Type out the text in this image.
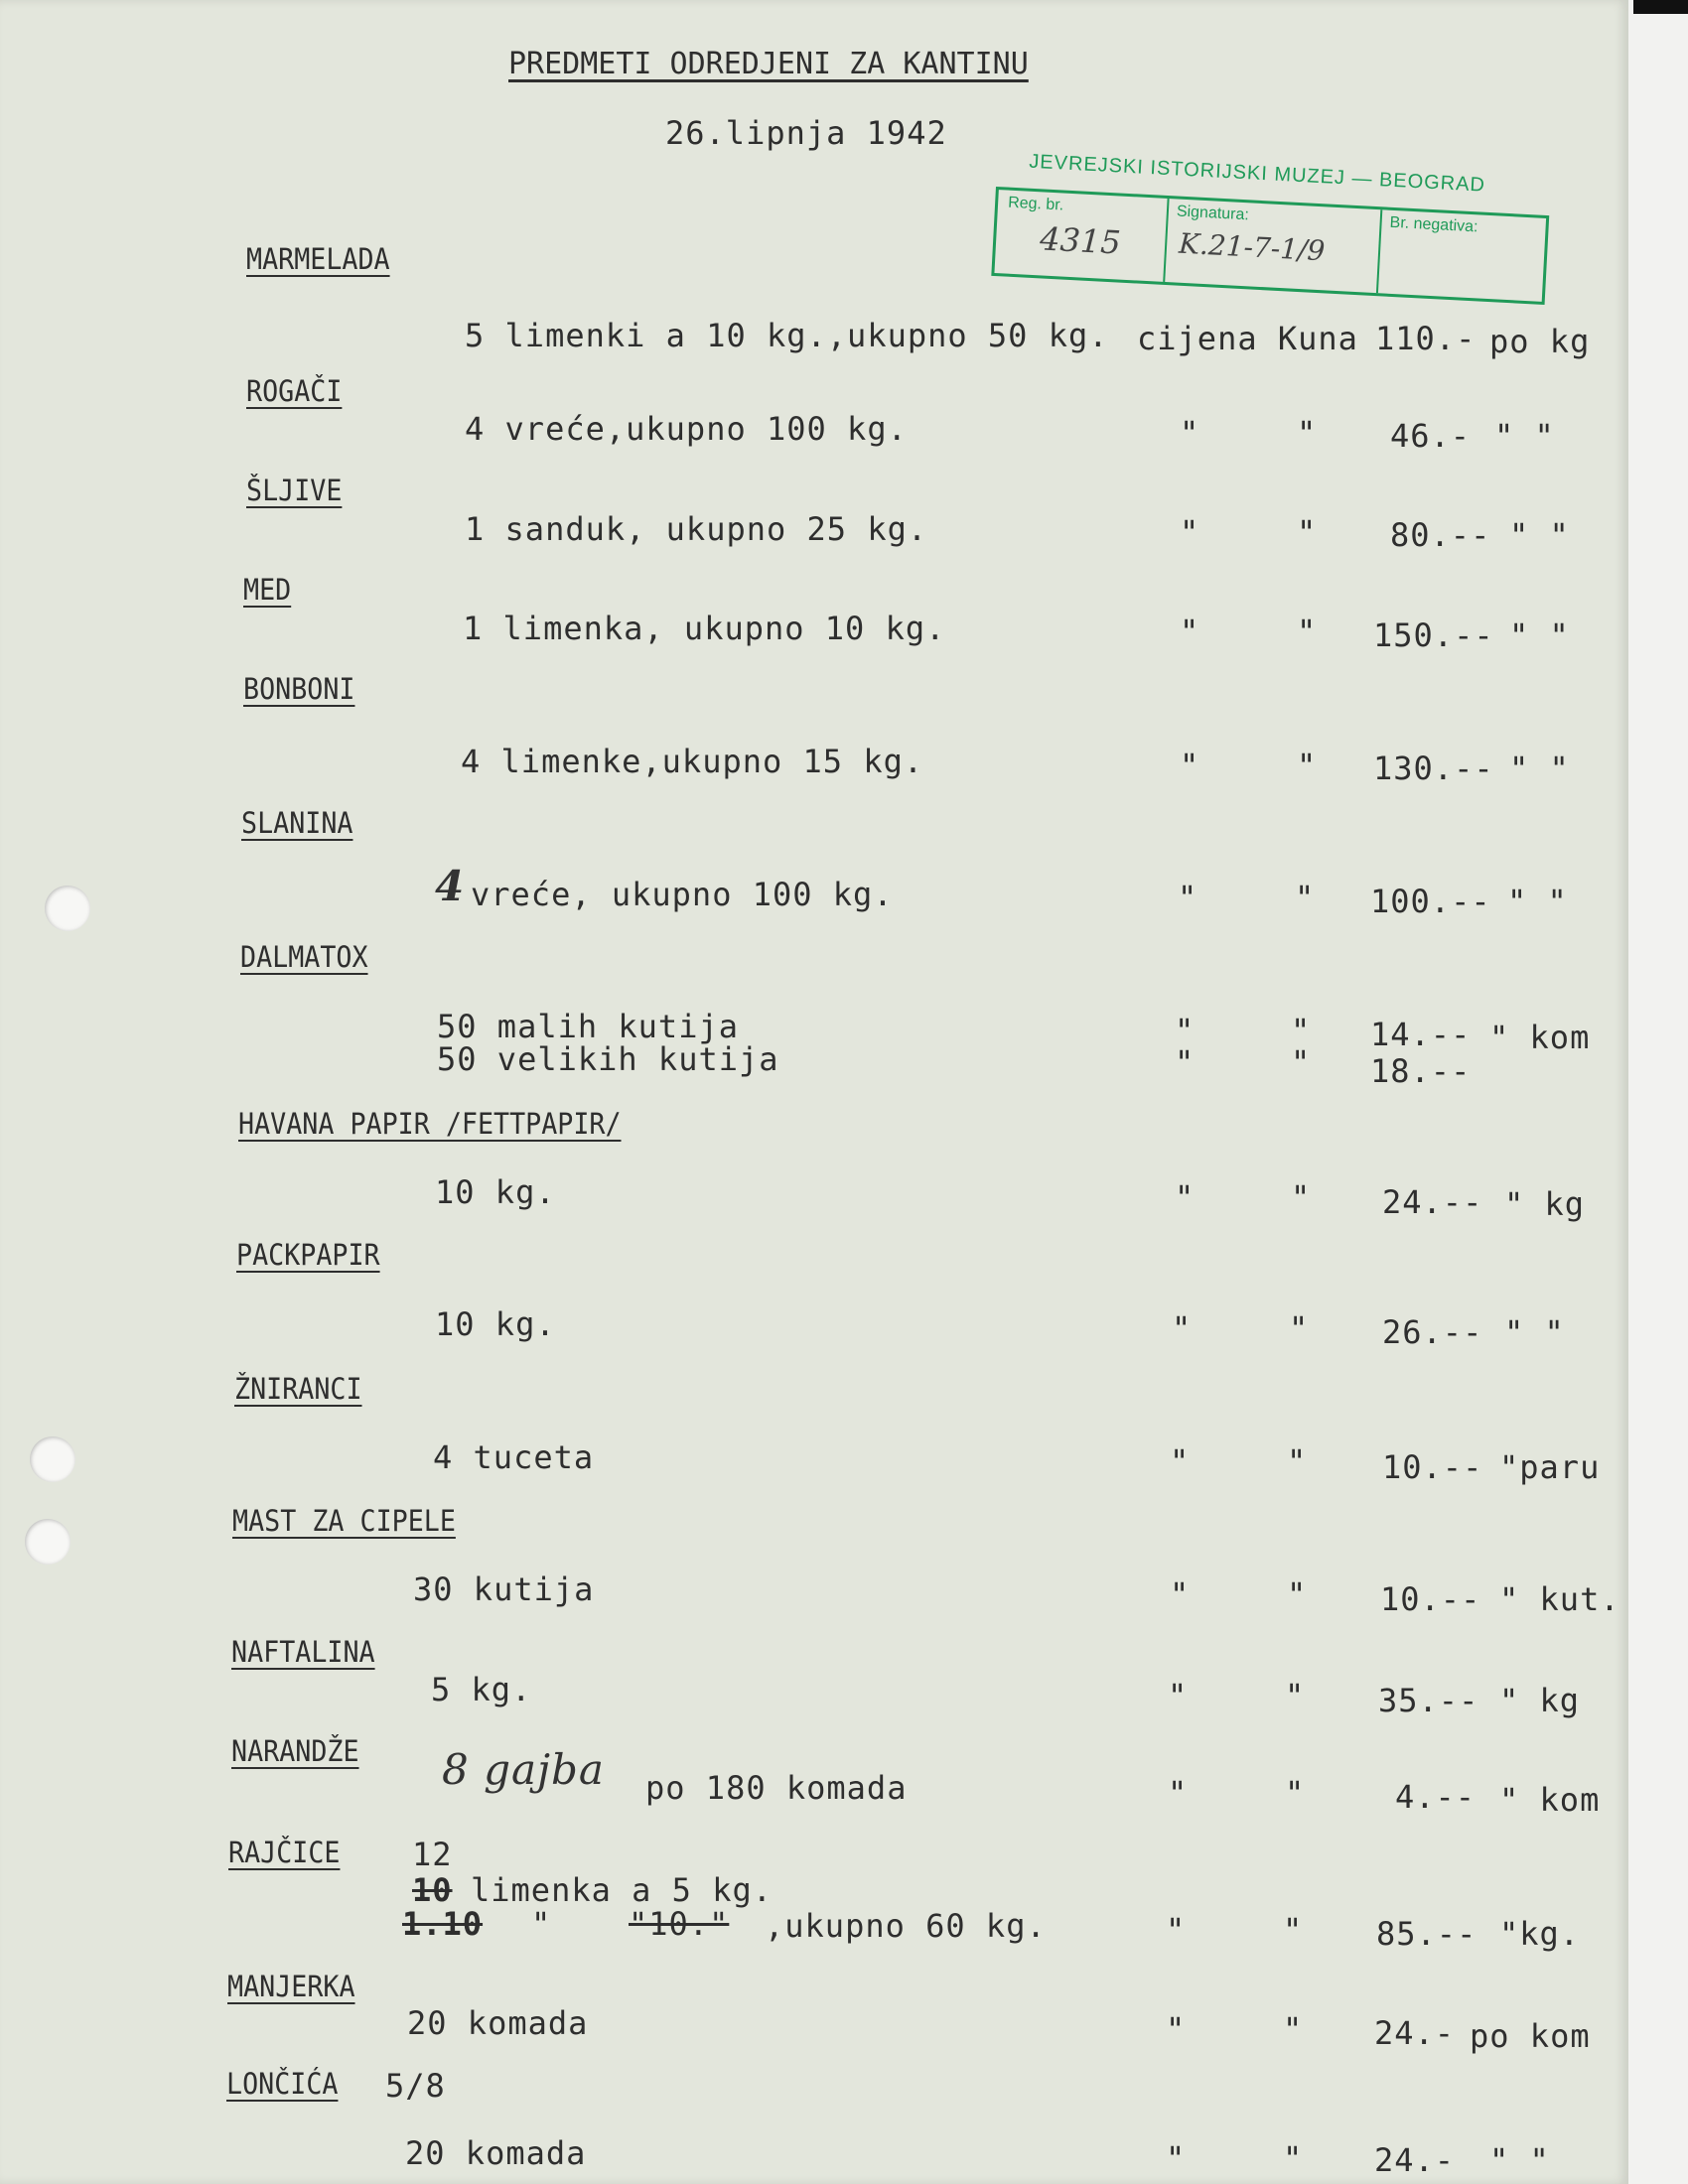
PREDMETI ODREDJENI ZA KANTINU
26.lipnja 1942
JEVREJSKI ISTORIJSKI MUZEJ — BEOGRAD
Reg. br.
4315
Signatura:
K.21-7-1/9
Br. negativa:
MARMELADA
5 limenki a 10 kg.,ukupno 50 kg. cijena Kuna 110.- po kg
ROGAČI
4 vreće,ukupno 100 kg.	"	" 46.- " "
ŠLJIVE
1 sanduk, ukupno 25 kg.	"	" 80.-- " "
MED
1 limenka, ukupno 10 kg.	"	" 150.-- " "
BONBONI
4 limenke,ukupno 15 kg.	"	" 130.-- " "
SLANINA
4 vreće, ukupno 100 kg.	"	" 100.-- " "
DALMATOX
50 malih kutija	"	" 14.-- " kom
50 velikih kutija	"	" 18.--
HAVANA PAPIR /FETTPAPIR/
10 kg.	"	" 24.-- " kg
PACKPAPIR
10 kg.	"	" 26.-- " "
ŽNIRANCI
4 tuceta	"	" 10.-- "paru
MAST ZA CIPELE
30 kutija	"	" 10.-- " kut.
NAFTALINA
5 kg.	"	" 35.-- " kg
NARANDŽE 8 gajba po 180 komada	"	"	4.-- " kom
RAJČICE 12
10 limenka a 5 kg.
1.10 " "10." ,ukupno 60 kg.	"	" 85.-- "kg.
MANJERKA
20 komada	"	" 24.- po kom
LONČIĆA 5/8
20 komada	"	" 24.- " "
